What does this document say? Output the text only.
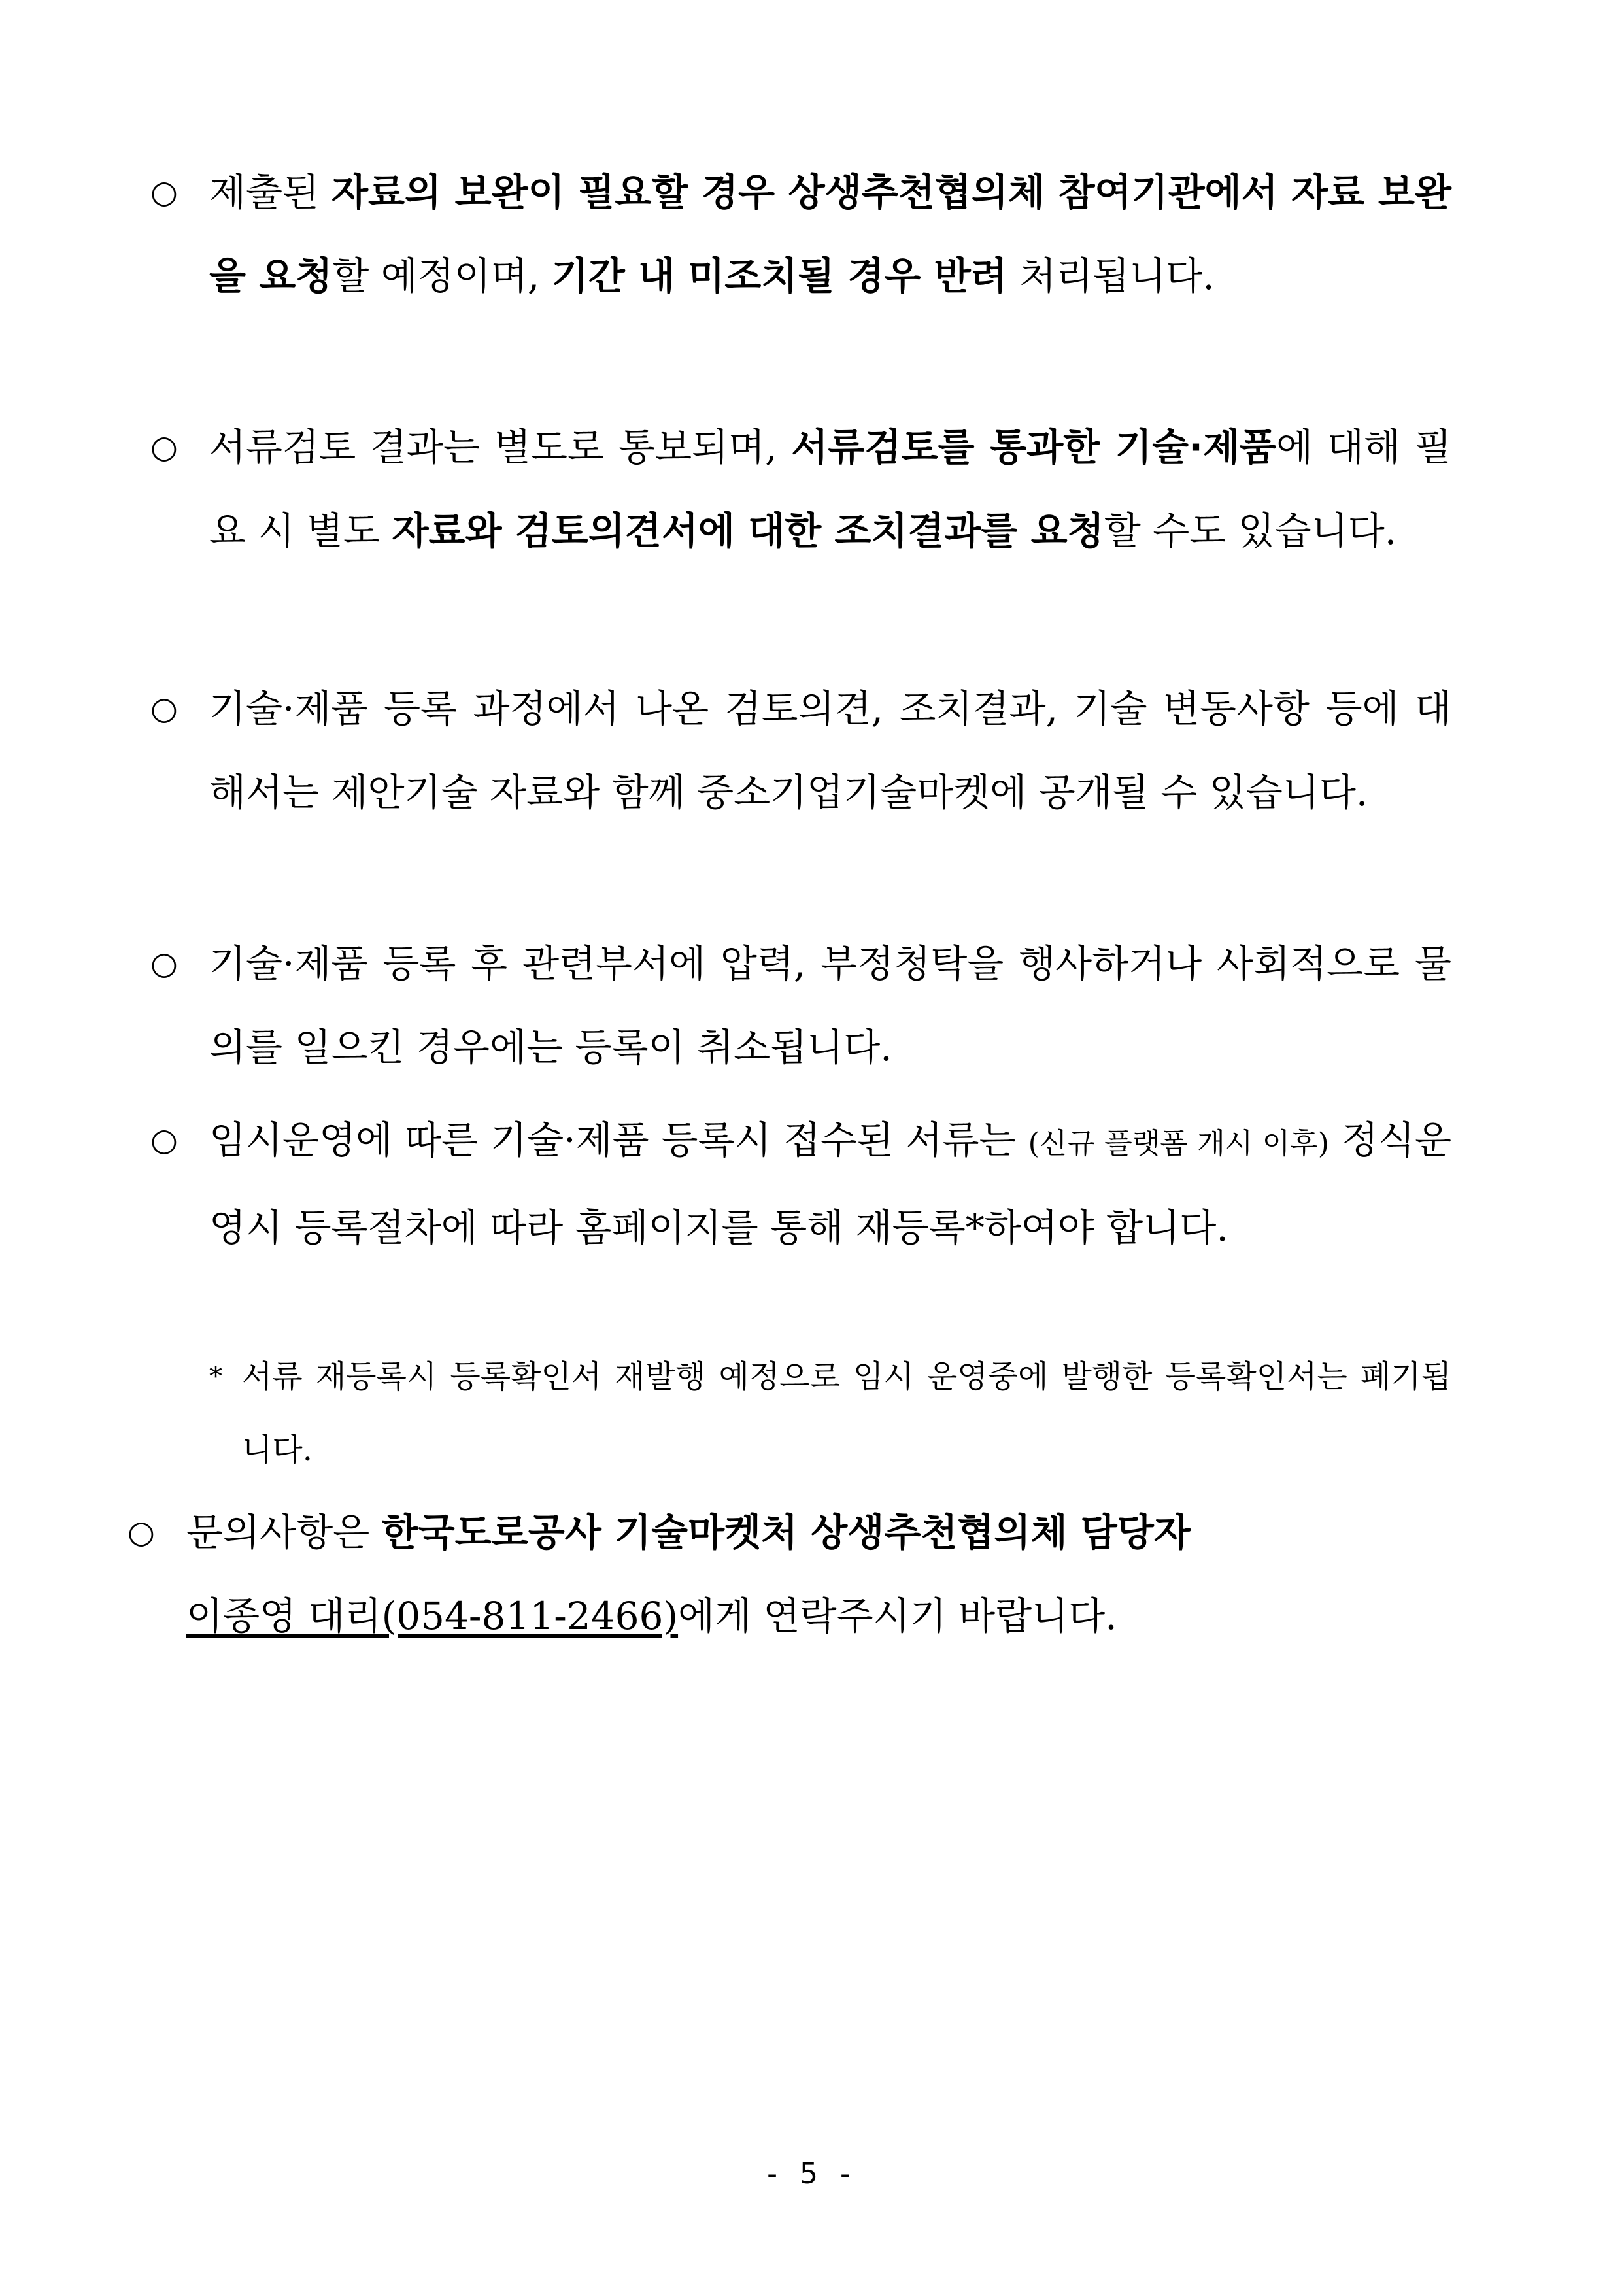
○ 제출된 자료의 보완이 필요할 경우 상생추천협의체 참여기관에서 자료 보완을 요청할 예정이며, 기간 내 미조치될 경우 반려 처리됩니다.
○ 서류검토 결과는 별도로 통보되며, 서류검토를 통과한 기술·제품에 대해 필요 시 별도 자료와 검토의견서에 대한 조치결과를 요청할 수도 있습니다.
○ 기술·제품 등록 과정에서 나온 검토의견, 조치결과, 기술 변동사항 등에 대해서는 제안기술 자료와 함께 중소기업기술마켓에 공개될 수 있습니다.
○ 기술·제품 등록 후 관련부서에 압력, 부정청탁을 행사하거나 사회적으로 물의를 일으킨 경우에는 등록이 취소됩니다.
○ 임시운영에 따른 기술·제품 등록시 접수된 서류는 (신규 플랫폼 개시 이후) 정식운영시 등록절차에 따라 홈페이지를 통해 재등록*하여야 합니다.
* 서류 재등록시 등록확인서 재발행 예정으로 임시 운영중에 발행한 등록확인서는 폐기됩니다.
○ 문의사항은 한국도로공사 기술마켓처 상생추천협의체 담당자
이종영 대리(054-811-2466)에게 연락주시기 바랍니다.
- 5 -
